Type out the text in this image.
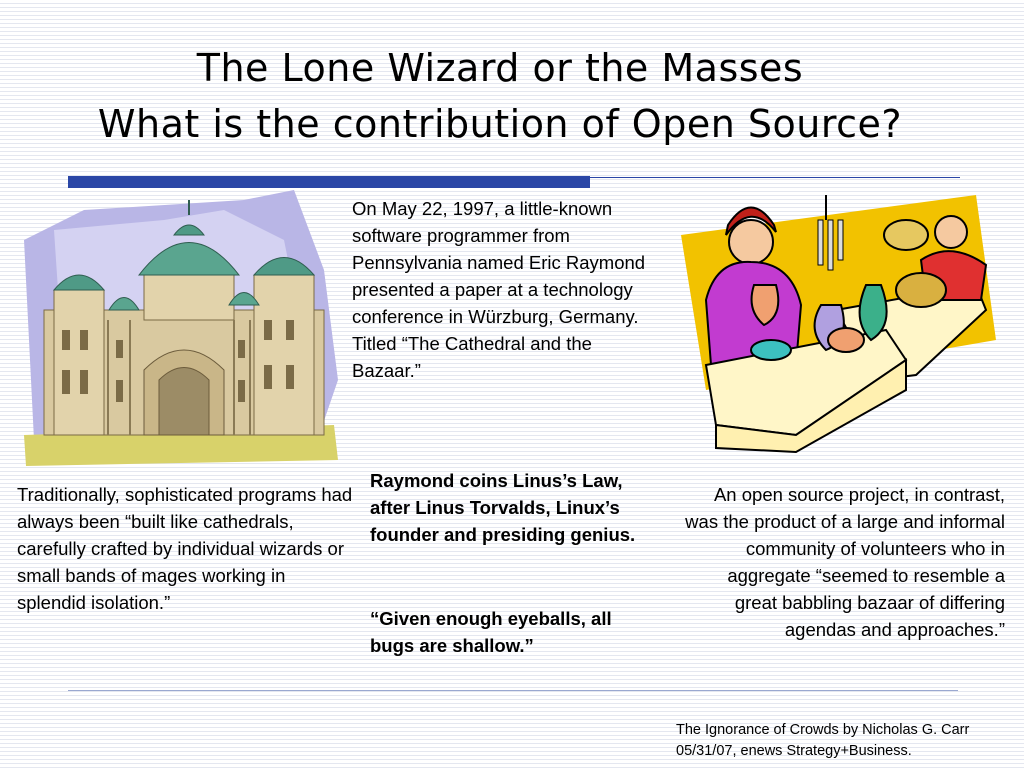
The Lone Wizard or the Masses
What is the contribution of Open Source?
On May 22, 1997, a little-known software programmer from Pennsylvania named Eric Raymond presented a paper at a technology conference in Würzburg, Germany. Titled “The Cathedral and the Bazaar.”
Raymond coins Linus’s Law, after Linus Torvalds, Linux’s founder and presiding genius.
“Given enough eyeballs, all bugs are shallow.”
Traditionally, sophisticated programs had always been “built like cathedrals, carefully crafted by individual wizards or small bands of mages working in splendid isolation.”
An open source project, in contrast, was the product of a large and informal community of volunteers who in aggregate “seemed to resemble a great babbling bazaar of differing agendas and approaches.”
The Ignorance of Crowds by Nicholas G. Carr 05/31/07, enews Strategy+Business.
